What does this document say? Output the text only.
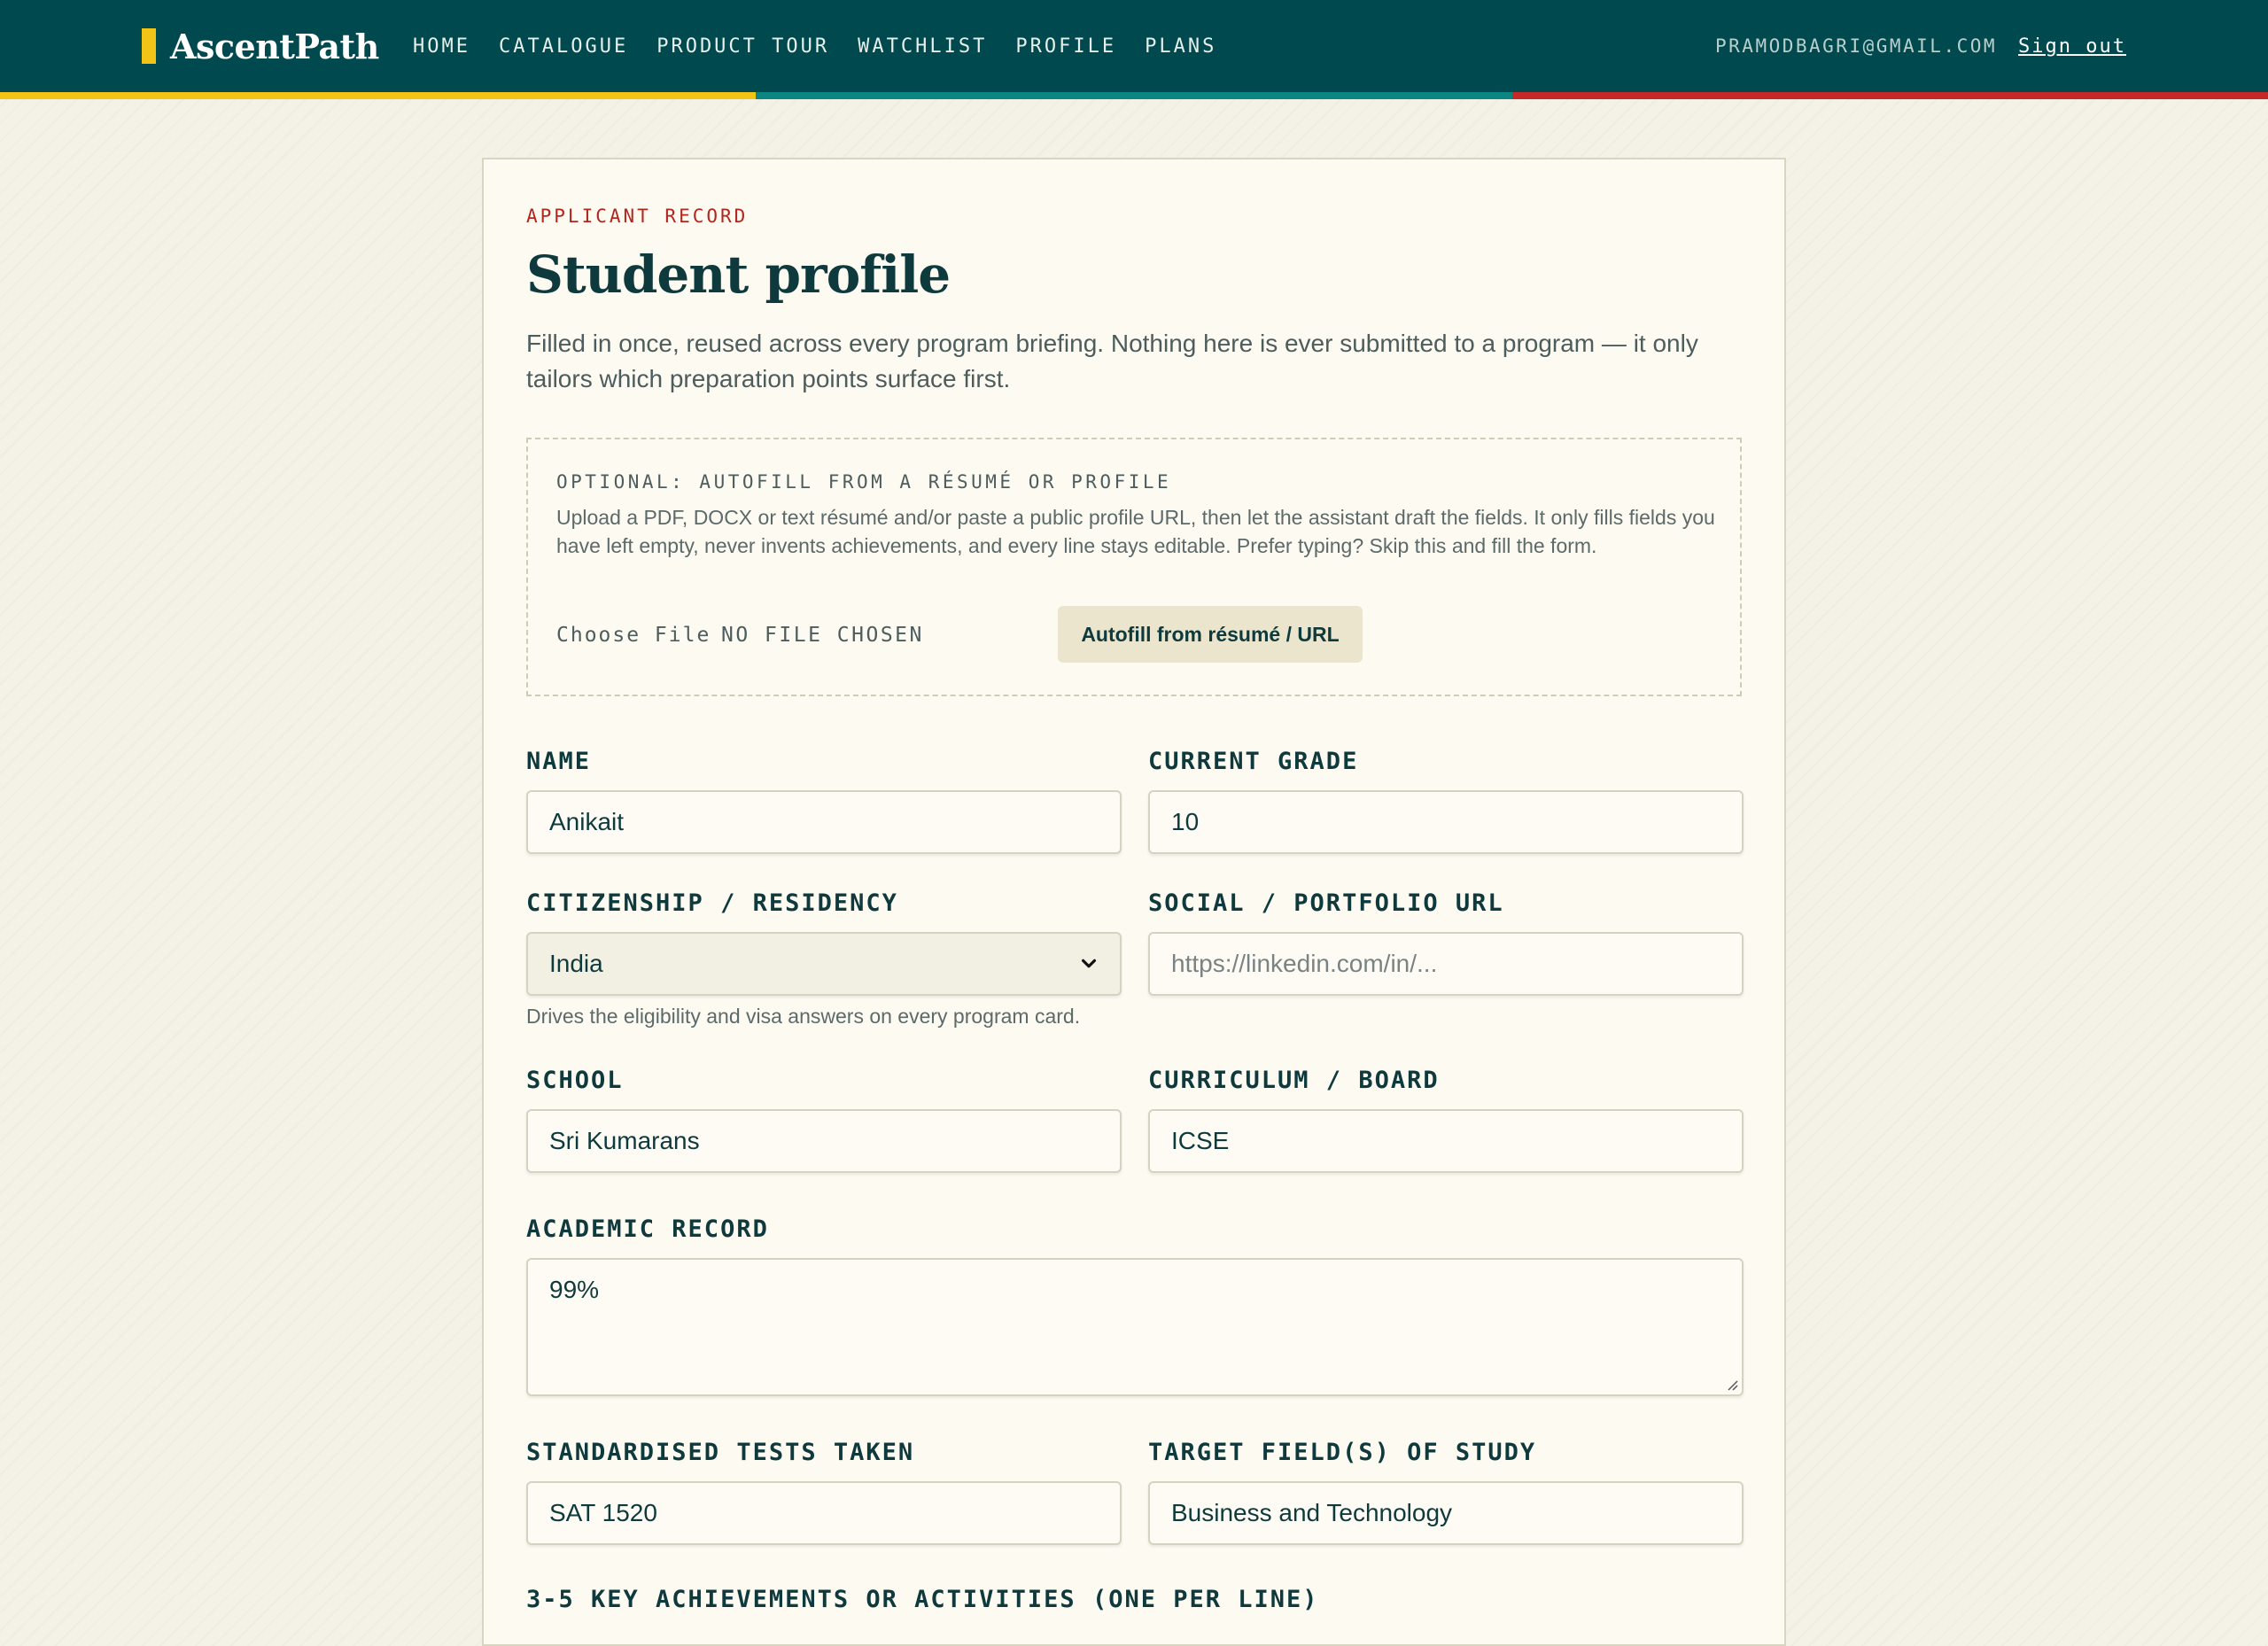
AscentPath HOME CATALOGUE PRODUCT TOUR WATCHLIST PROFILE PLANS	PRAMODBAGRI@GMAIL.COM Sign out
APPLICANT RECORD
Student profile

Filled in once, reused across every program briefing. Nothing here is ever submitted to a program — it only tailors which preparation points surface first.

OPTIONAL: AUTOFILL FROM A RÉSUMÉ OR PROFILE

Upload a PDF, DOCX or text résumé and/or paste a public profile URL, then let the assistant draft the fields. It only fills fields you have left empty, never invents achievements, and every line stays editable. Prefer typing? Skip this and fill the form.

Choose File NO FILE CHOSEN	Autofill from résumé / URL
NAME
Anikait
CURRENT GRADE
10
CITIZENSHIP / RESIDENCY
India
Drives the eligibility and visa answers on every program card.
SOCIAL / PORTFOLIO URL
https://linkedin.com/in/...
SCHOOL
Sri Kumarans
CURRICULUM / BOARD
ICSE
ACADEMIC RECORD
99%
STANDARDISED TESTS TAKEN
SAT 1520
TARGET FIELD(S) OF STUDY
Business and Technology
3-5 KEY ACHIEVEMENTS OR ACTIVITIES (ONE PER LINE)
